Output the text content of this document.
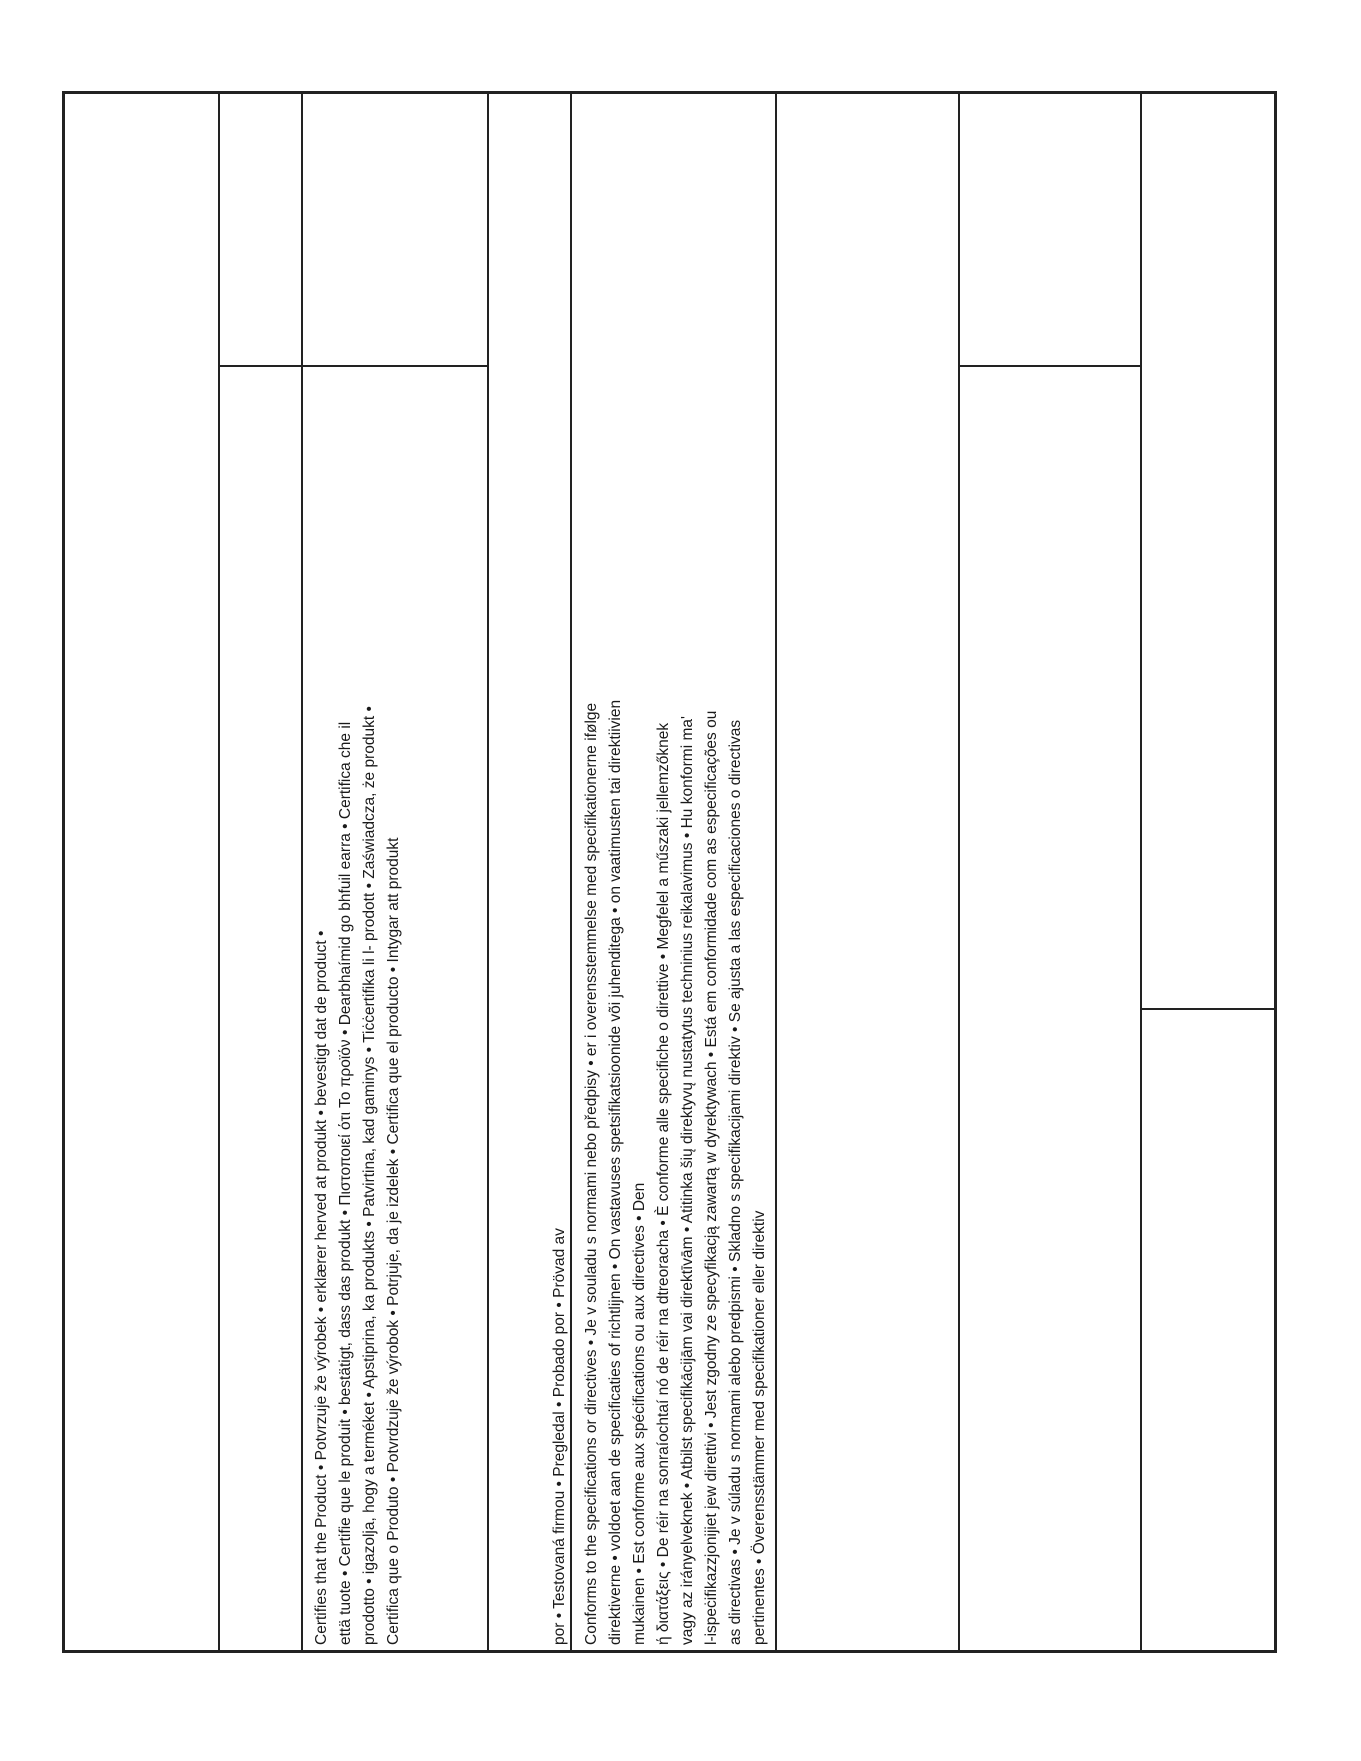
Certifies that the Product • Potvrzuje že výrobek • erklærer herved at produkt • bevestigt dat de product • että tuote • Certifie que le produit • bestätigt, dass das produkt • Πιστοποιεί ότι Το προϊόν • Dearbhaímid go bhfuil earra • Certifica che il prodotto • igazolja, hogy a terméket • Apstiprina, ka produkts • Patvirtina, kad gaminys • Tiċċertifika li l- prodott • Zaświadcza, że produkt • Certifica que o Produto • Potvrdzuje že výrobok • Potrjuje, da je izdelek • Certifica que el producto • Intygar att produkt	por • Testovaná firmou • Pregledal • Probado por • Prövad av Conforms to the specifications or directives • Je v souladu s normami nebo předpisy • er i overensstemmelse med specifikationerne ifølge direktiverne • voldoet aan de specificaties of richtlijnen • On vastavuses spetsifikatsioonide või juhenditega • on vaatimusten tai direktiivien mukainen • Est conforme aux spécifications ou aux directives • Den ή διατάξεις • De réir na sonraíochtaí nó de réir na dtreoracha • È conforme alle specifiche o direttive • Megfelel a műszaki jellemzőknek vagy az irányelveknek • Atbilst specifikācijām vai direktīvām • Atitinka šių direktyvų nustatytus techninius reikalavimus • Hu konformi ma' l-ispeċifikazzjonijiet jew direttivi • Jest zgodny ze specyfikacją zawartą w dyrektywach • Está em conformidade com as especificações ou as directivas • Je v súladu s normami alebo predpismi • Skladno s specifikacijami direktiv • Se ajusta a las especificaciones o directivas pertinentes • Överensstämmer med specifikationer eller direktiv
